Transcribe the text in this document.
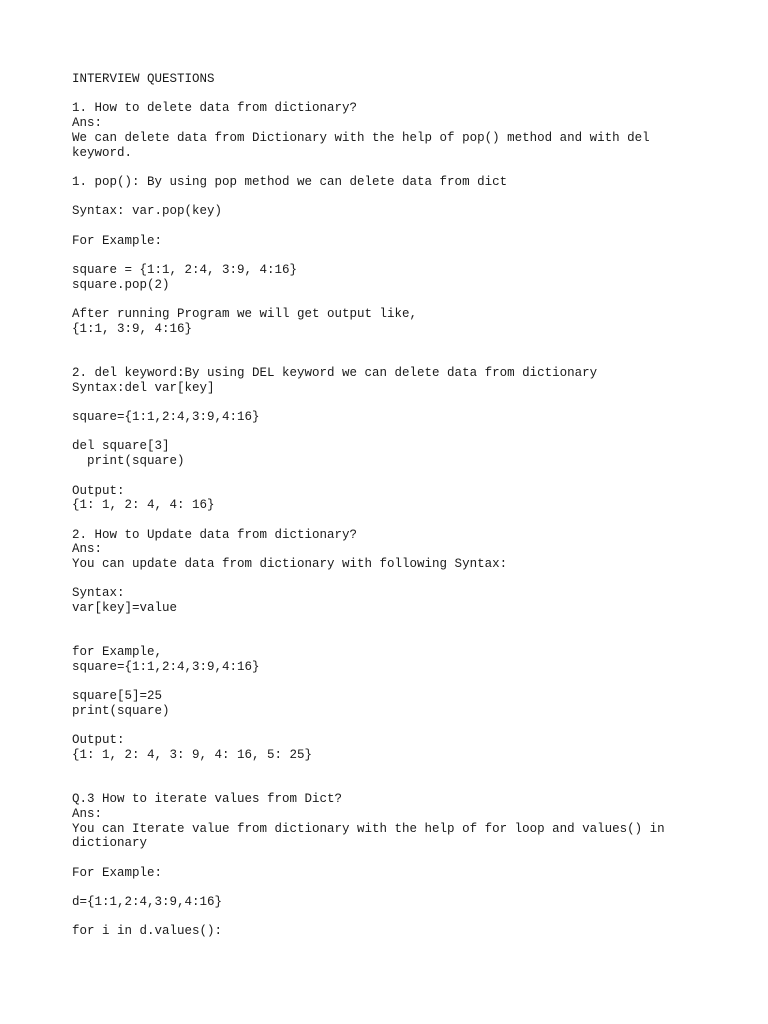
INTERVIEW QUESTIONS
1. How to delete data from dictionary?
Ans:
We can delete data from Dictionary with the help of pop() method and with del
keyword.
1. pop(): By using pop method we can delete data from dict
Syntax: var.pop(key)
For Example:
square = {1:1, 2:4, 3:9, 4:16}
square.pop(2)
After running Program we will get output like,
{1:1, 3:9, 4:16}
2. del keyword:By using DEL keyword we can delete data from dictionary
Syntax:del var[key]
square={1:1,2:4,3:9,4:16}
del square[3]
print(square)
Output:
{1: 1, 2: 4, 4: 16}
2. How to Update data from dictionary?
Ans:
You can update data from dictionary with following Syntax:
Syntax:
var[key]=value
for Example,
square={1:1,2:4,3:9,4:16}
square[5]=25
print(square)
Output:
{1: 1, 2: 4, 3: 9, 4: 16, 5: 25}
Q.3 How to iterate values from Dict?
Ans:
You can Iterate value from dictionary with the help of for loop and values() in
dictionary
For Example:
d={1:1,2:4,3:9,4:16}
for i in d.values():
